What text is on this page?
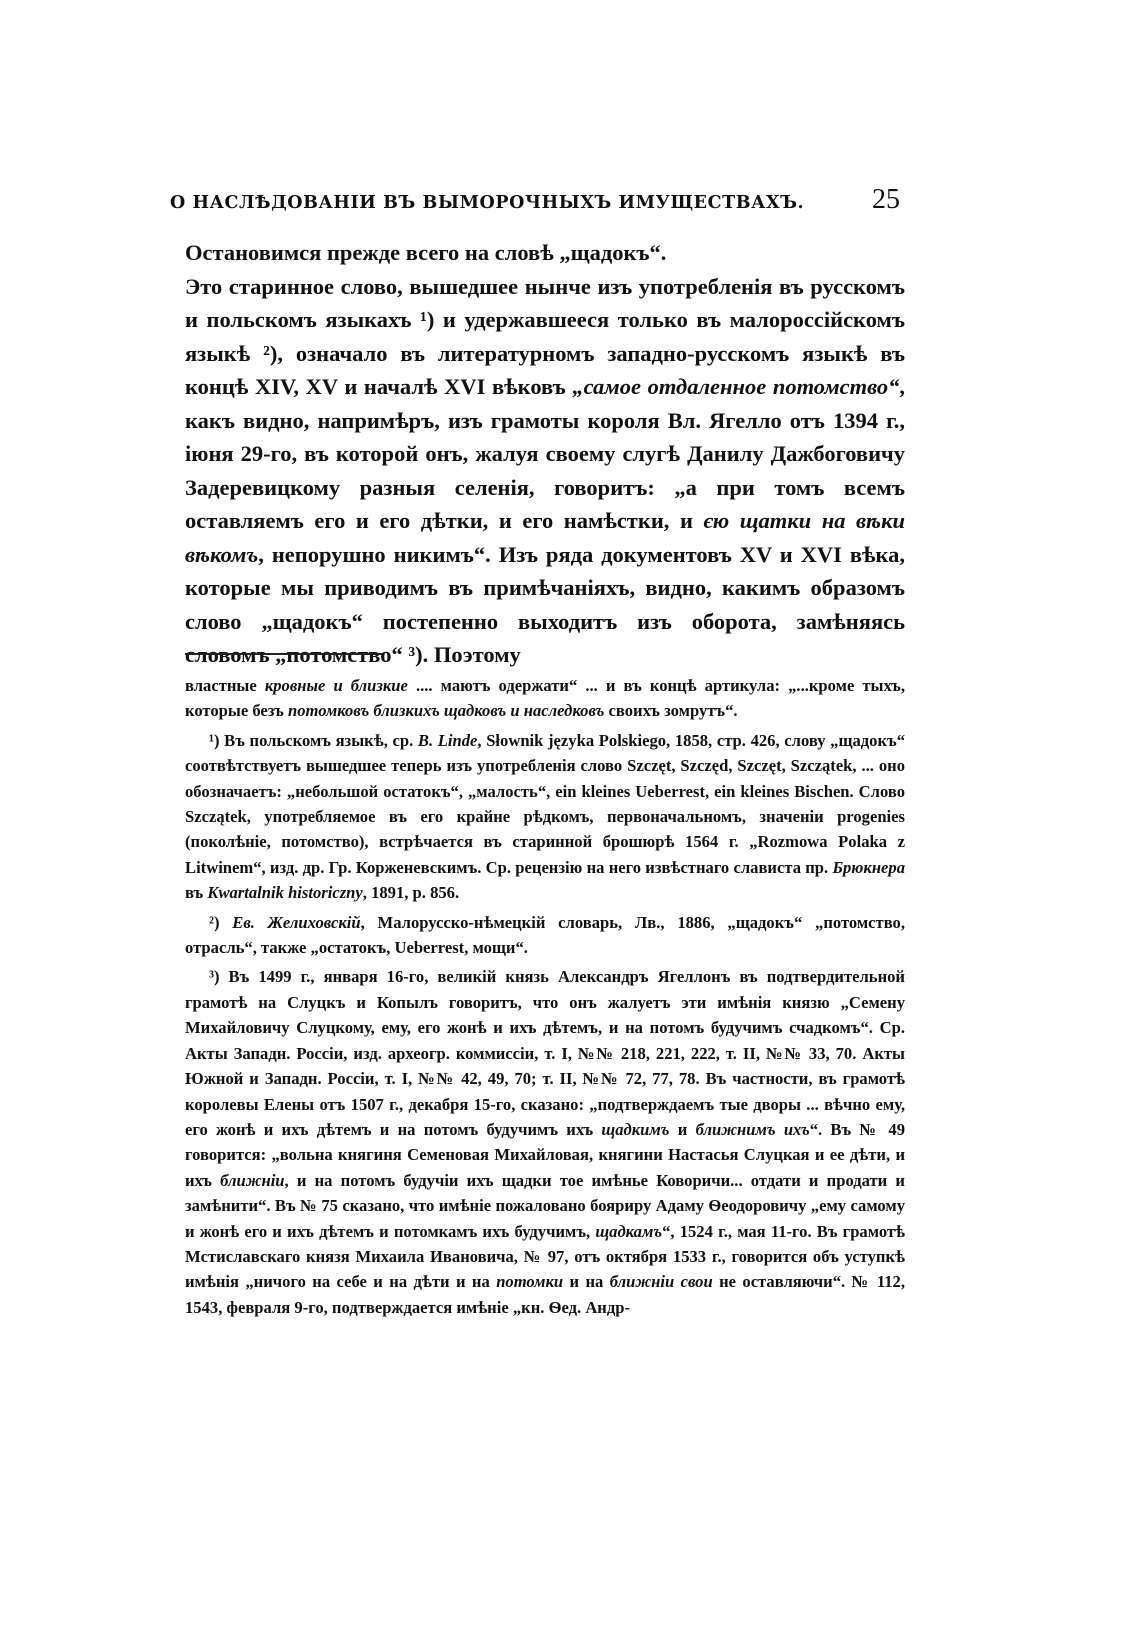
О НАСЛѢДОВАНІИ ВЪ ВЫМОРОЧНЫХЪ ИМУЩЕСТВАХЪ. 25

Остановимся прежде всего на словѣ „щадокъ“.

Это старинное слово, вышедшее нынче изъ употребленія въ русскомъ и польскомъ языкахъ ¹) и удержавшееся только въ малороссійскомъ языкѣ ²), означало въ литературномъ западно-русскомъ языкѣ въ концѣ XIV, XV и началѣ XVI вѣковъ „самое отдаленное потомство“, какъ видно, напримѣръ, изъ грамоты короля Вл. Ягелло отъ 1394 г., іюня 29-го, въ которой онъ, жалуя своему слугѣ Данилу Дажбоговичу Задеревицкому разныя селенія, говоритъ: „а при томъ всемъ оставляемъ его и его дѣтки, и его намѣстки, и єю щатки на вѣки вѣкомъ, непорушно никимъ“. Изъ ряда документовъ XV и XVI вѣка, которые мы приводимъ въ примѣчаніяхъ, видно, какимъ образомъ слово „щадокъ“ постепенно выходитъ изъ оборота, замѣняясь словомъ „потомство“ ³). Поэтому

властные кровные и близкие .... маютъ одержати“ ... и въ концѣ артикула: „...кроме тыхъ, которые безъ потомковъ близкихъ щадковъ и наследковъ своихъ зомрутъ“.

¹) Въ польскомъ языкѣ, ср. B. Linde, Słownik języka Polskiego, 1858, стр. 426, слову „щадокъ“ соотвѣтствуетъ вышедшее теперь изъ употребленія слово Szczęt, Szczęd, Szczęt, Szczątek, ... оно обозначаетъ: „небольшой остатокъ“, „малость“, ein kleines Ueberrest, ein kleines Bischen. Слово Szczątek, употребляемое въ его крайне рѣдкомъ, первоначальномъ, значеніи progenies (поколѣніе, потомство), встрѣчается въ старинной брошюрѣ 1564 г. „Rozmowa Polaka z Litwinem“, изд. др. Гр. Корженевскимъ. Ср. рецензію на него извѣстнаго слависта пр. Брюкнера въ Kwartalnik historiczny, 1891, p. 856.

²) Ев. Желиховскій, Малорусско-нѣмецкій словарь, Лв., 1886, „щадокъ“ „потомство, отрасль“, также „остатокъ, Ueberrest, мощи“.

³) Въ 1499 г., января 16-го, великій князь Александръ Ягеллонъ въ подтвердительной грамотѣ на Слуцкъ и Копылъ говоритъ, что онъ жалуетъ эти имѣнія князю „Семену Михайловичу Слуцкому, ему, его жонѣ и ихъ дѣтемъ, и на потомъ будучимъ счадкомъ“. Ср. Акты Западн. Россіи, изд. археогр. коммиссіи, т. I, №№ 218, 221, 222, т. II, №№ 33, 70. Акты Южной и Западн. Россіи, т. I, №№ 42, 49, 70; т. II, №№ 72, 77, 78. Въ частности, въ грамотѣ королевы Елены отъ 1507 г., декабря 15-го, сказано: „подтверждаемъ тые дворы ... вѣчно ему, его жонѣ и ихъ дѣтемъ и на потомъ будучимъ ихъ щадкимъ и ближнимъ ихъ“. Въ № 49 говорится: „вольна княгиня Семеновая Михайловая, княгини Настасья Слуцкая и ее дѣти, и ихъ ближніи, и на потомъ будучіи ихъ щадки тое имѣнье Коворичи... отдати и продати и замѣнити“. Въ № 75 сказано, что имѣніе пожаловано бояриру Адаму Ѳеодоровичу „ему самому и жонѣ его и ихъ дѣтемъ и потомкамъ ихъ будучимъ, щадкамъ“, 1524 г., мая 11-го. Въ грамотѣ Мстиславскаго князя Михаила Ивановича, № 97, отъ октября 1533 г., говорится объ уступкѣ имѣнія „ничого на себе и на дѣти и на потомки и на ближніи свои не оставляючи“. № 112, 1543, февраля 9-го, подтверждается имѣніе „кн. Ѳед. Андр-
